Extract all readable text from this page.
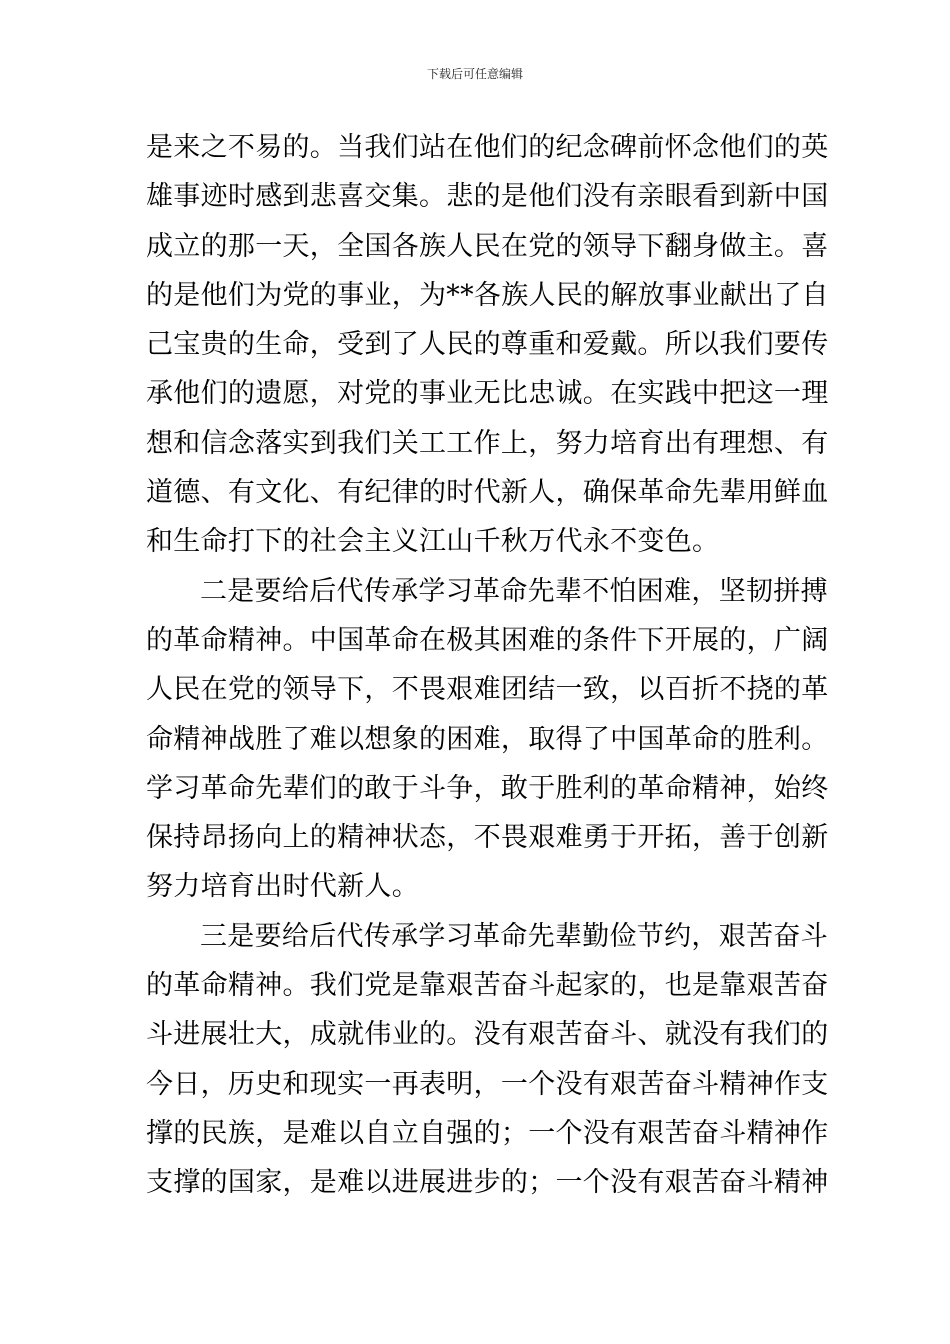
下载后可任意编辑
是来之不易的。当我们站在他们的纪念碑前怀念他们的英
雄事迹时感到悲喜交集。悲的是他们没有亲眼看到新中国
成立的那一天，全国各族人民在党的领导下翻身做主。喜
的是他们为党的事业，为**各族人民的解放事业献出了自
己宝贵的生命，受到了人民的尊重和爱戴。所以我们要传
承他们的遗愿，对党的事业无比忠诚。在实践中把这一理
想和信念落实到我们关工工作上，努力培育出有理想、有
道德、有文化、有纪律的时代新人，确保革命先辈用鲜血
和生命打下的社会主义江山千秋万代永不变色。
二是要给后代传承学习革命先辈不怕困难，坚韧拼搏
的革命精神。中国革命在极其困难的条件下开展的，广阔
人民在党的领导下，不畏艰难团结一致，以百折不挠的革
命精神战胜了难以想象的困难，取得了中国革命的胜利。
学习革命先辈们的敢于斗争，敢于胜利的革命精神，始终
保持昂扬向上的精神状态，不畏艰难勇于开拓，善于创新
努力培育出时代新人。
三是要给后代传承学习革命先辈勤俭节约，艰苦奋斗
的革命精神。我们党是靠艰苦奋斗起家的，也是靠艰苦奋
斗进展壮大，成就伟业的。没有艰苦奋斗、就没有我们的
今日，历史和现实一再表明，一个没有艰苦奋斗精神作支
撑的民族，是难以自立自强的；一个没有艰苦奋斗精神作
支撑的国家，是难以进展进步的；一个没有艰苦奋斗精神
